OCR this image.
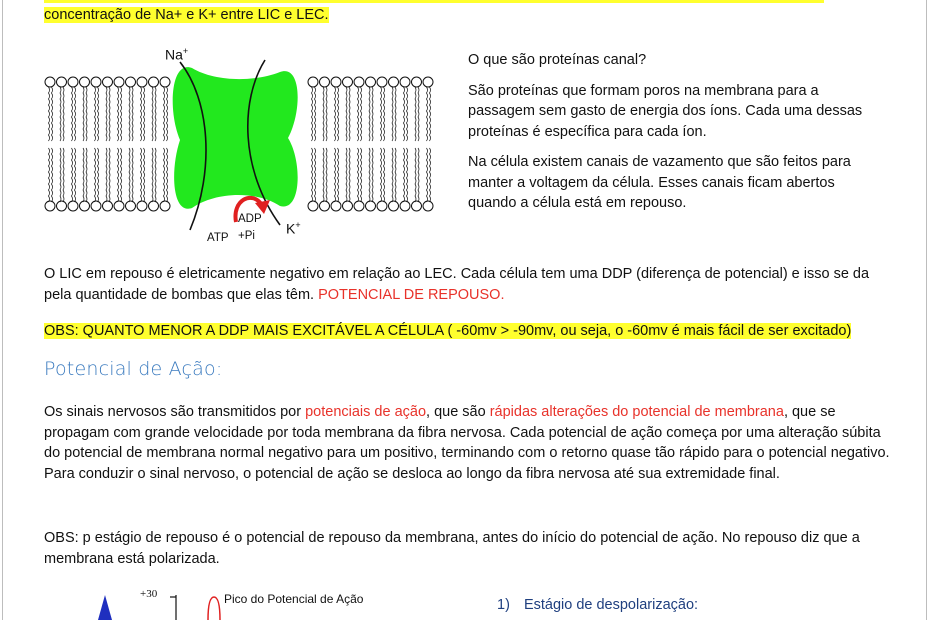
concentração de Na+ e K+ entre LIC e LEC.
Na+
K+
ADP
ATP +Pi
O que são proteínas canal?
São proteínas que formam poros na membrana para a passagem sem gasto de energia dos íons. Cada uma dessas proteínas é específica para cada íon.
Na célula existem canais de vazamento que são feitos para manter a voltagem da célula. Esses canais ficam abertos quando a célula está em repouso.
O LIC em repouso é eletricamente negativo em relação ao LEC. Cada célula tem uma DDP (diferença de potencial) e isso se da pela quantidade de bombas que elas têm. POTENCIAL DE REPOUSO.
OBS: QUANTO MENOR A DDP MAIS EXCITÁVEL A CÉLULA ( -60mv > -90mv, ou seja, o -60mv é mais fácil de ser excitado)
Potencial de Ação:
Os sinais nervosos são transmitidos por potenciais de ação, que são rápidas alterações do potencial de membrana, que se propagam com grande velocidade por toda membrana da fibra nervosa. Cada potencial de ação começa por uma alteração súbita do potencial de membrana normal negativo para um positivo, terminando com o retorno quase tão rápido para o potencial negativo. Para conduzir o sinal nervoso, o potencial de ação se desloca ao longo da fibra nervosa até sua extremidade final.
OBS: p estágio de repouso é o potencial de repouso da membrana, antes do início do potencial de ação. No repouso diz que a membrana está polarizada.
+30	Pico do Potencial de Ação	1) Estágio de despolarização:
